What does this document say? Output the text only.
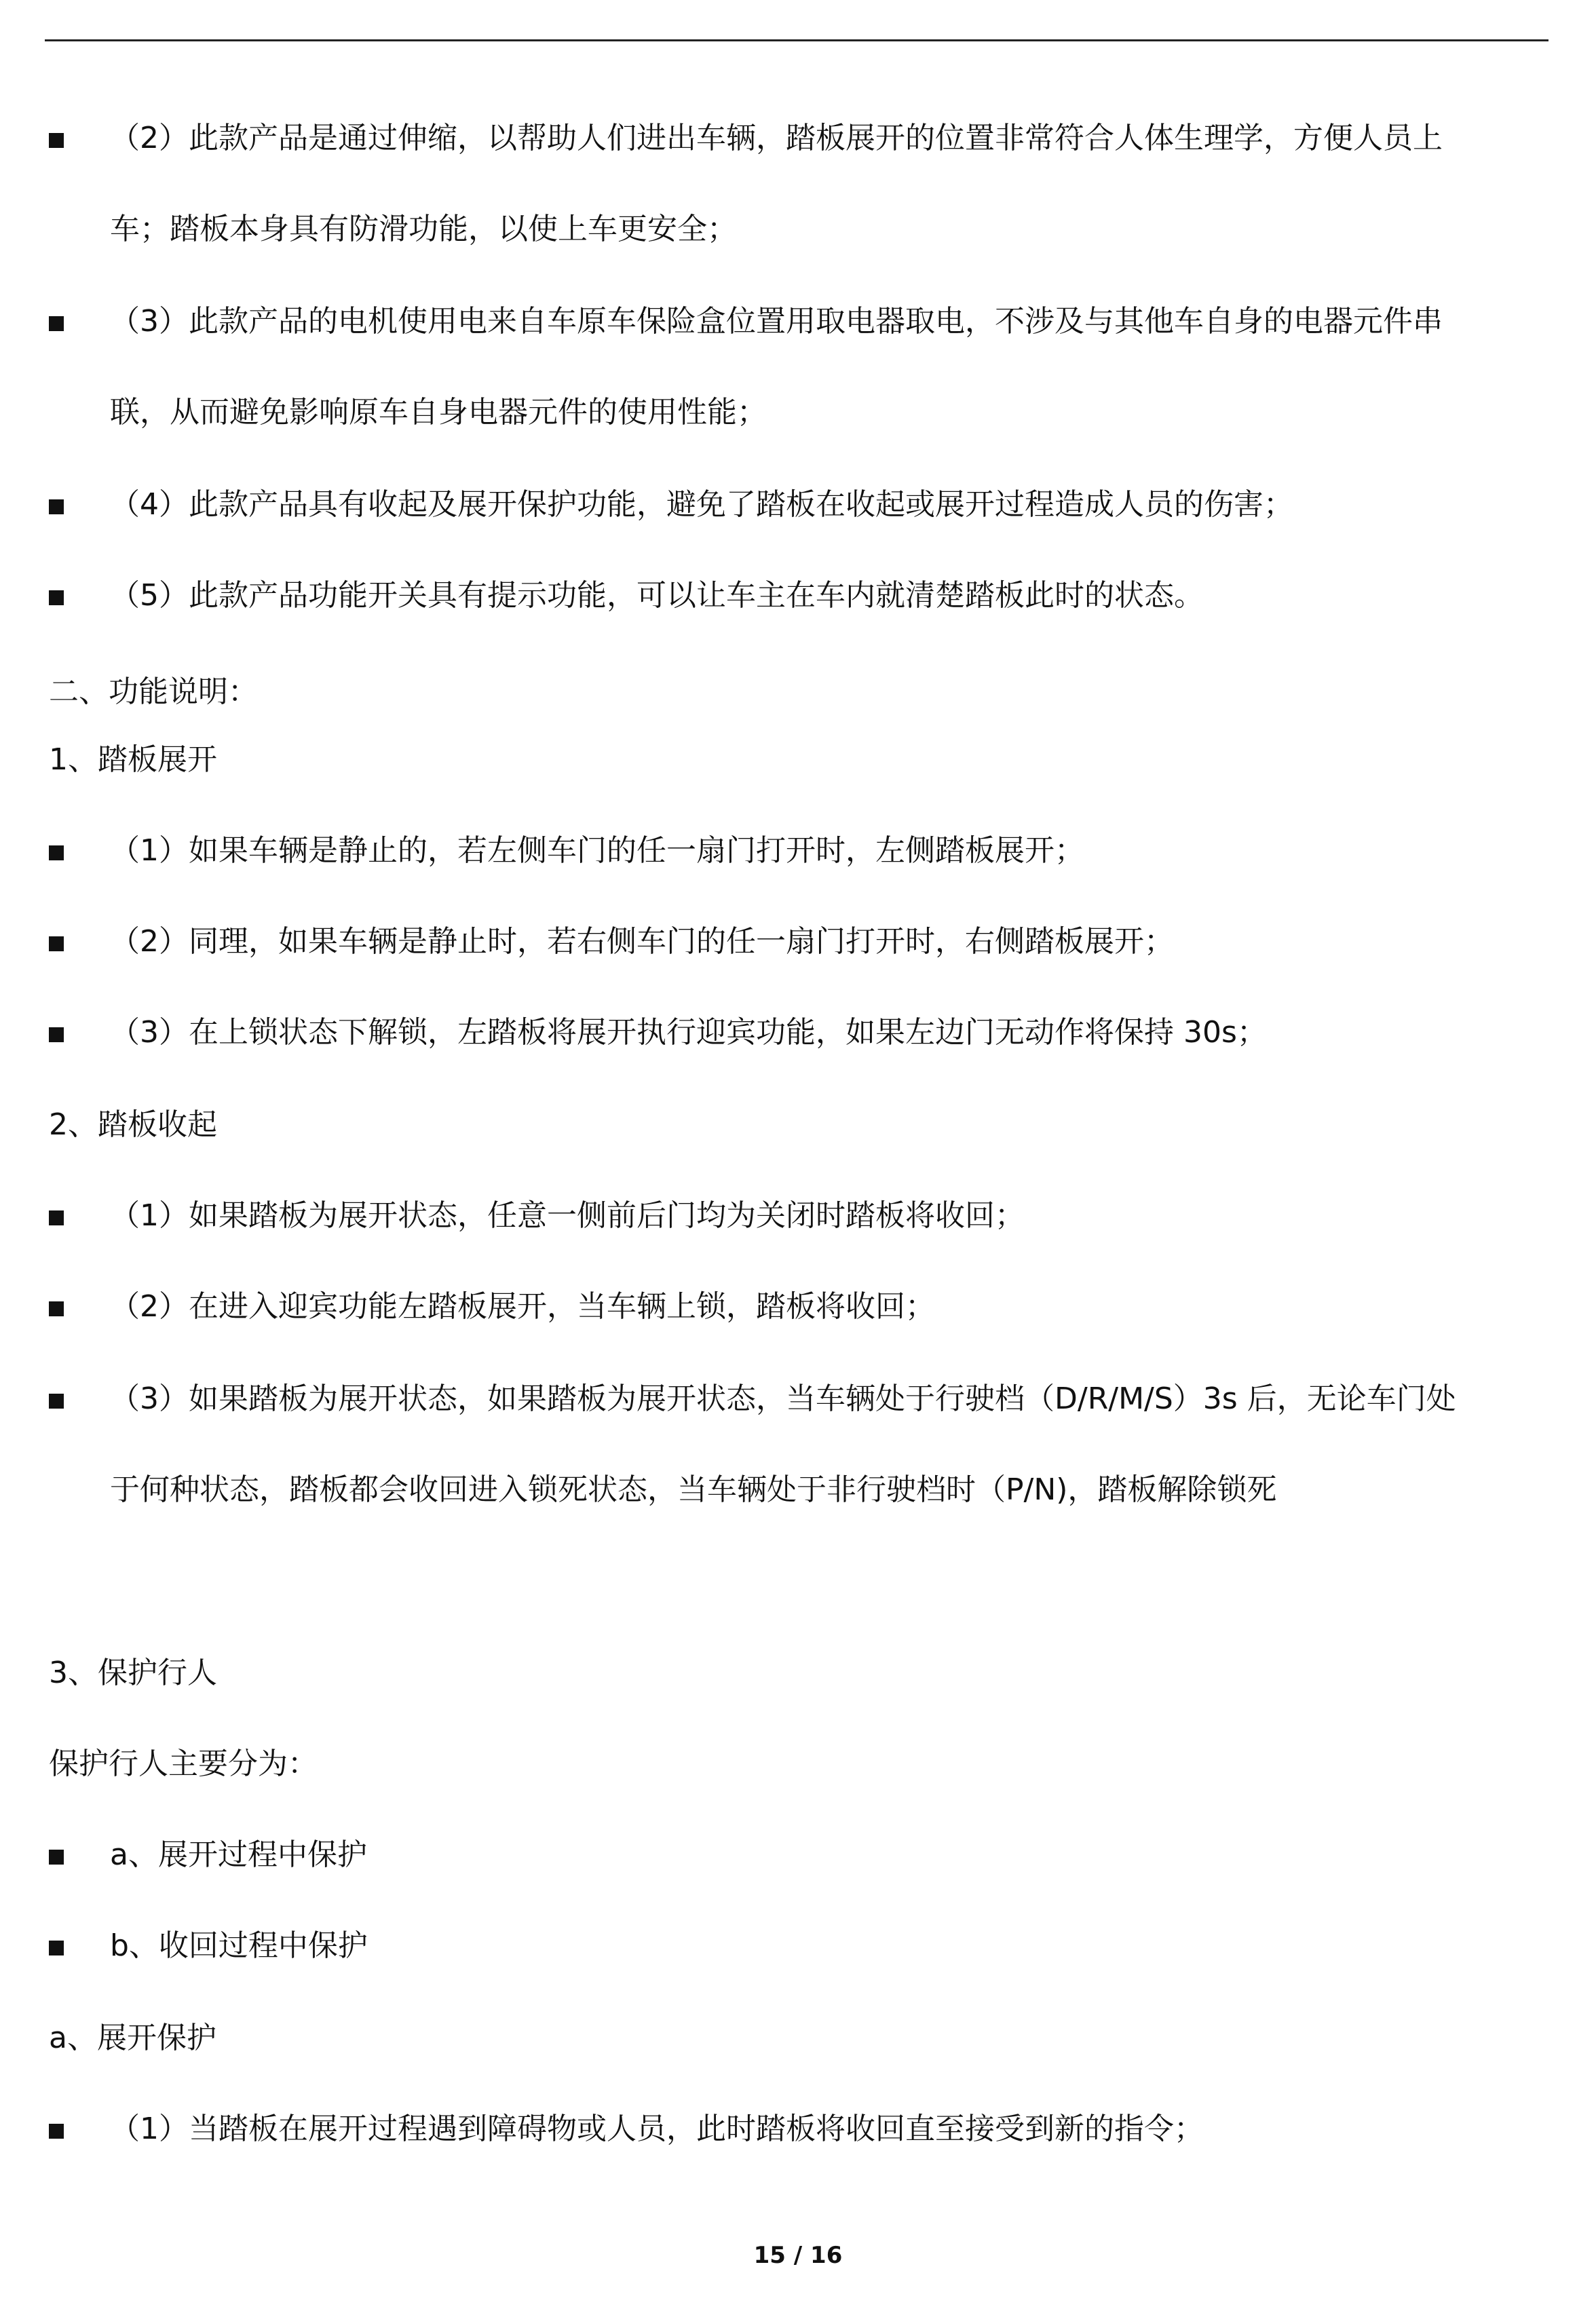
（2）此款产品是通过伸缩，以帮助人们进出车辆，踏板展开的位置非常符合人体生理学，方便人员上
车；踏板本身具有防滑功能，以使上车更安全；
（3）此款产品的电机使用电来自车原车保险盒位置用取电器取电，不涉及与其他车自身的电器元件串
联，从而避免影响原车自身电器元件的使用性能；
（4）此款产品具有收起及展开保护功能，避免了踏板在收起或展开过程造成人员的伤害；
（5）此款产品功能开关具有提示功能，可以让车主在车内就清楚踏板此时的状态。
二、功能说明：
1、踏板展开
（1）如果车辆是静止的，若左侧车门的任一扇门打开时，左侧踏板展开；
（2）同理，如果车辆是静止时，若右侧车门的任一扇门打开时，右侧踏板展开；
（3）在上锁状态下解锁，左踏板将展开执行迎宾功能，如果左边门无动作将保持 30s；
2、踏板收起
（1）如果踏板为展开状态，任意一侧前后门均为关闭时踏板将收回；
（2）在进入迎宾功能左踏板展开，当车辆上锁，踏板将收回；
（3）如果踏板为展开状态，如果踏板为展开状态，当车辆处于行驶档（D/R/M/S）3s 后，无论车门处
于何种状态，踏板都会收回进入锁死状态，当车辆处于非行驶档时（P/N)，踏板解除锁死
3、保护行人
保护行人主要分为：
a、展开过程中保护
b、收回过程中保护
a、展开保护
（1）当踏板在展开过程遇到障碍物或人员，此时踏板将收回直至接受到新的指令；
15 / 16
